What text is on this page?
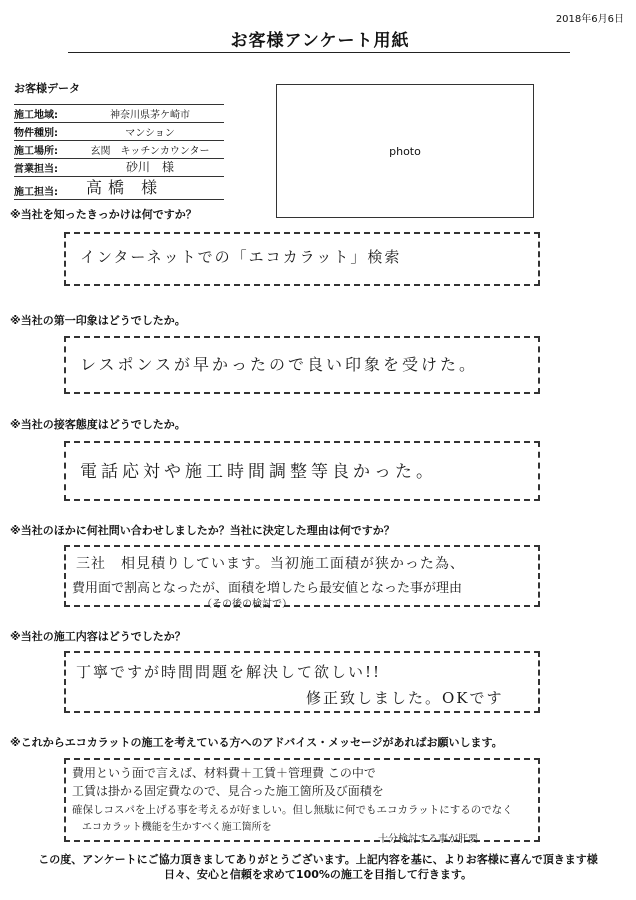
2018年6月6日
お客様アンケート用紙
お客様データ
施工地域:	神奈川県茅ケ崎市
物件種別:	マンション
施工場所:	玄関　キッチンカウンター
営業担当:	砂川　様
施工担当:	高橋 様
photo
※当社を知ったきっかけは何ですか？
インターネットでの「エコカラット」検索
※当社の第一印象はどうでしたか。
レスポンスが早かったので良い印象を受けた。
※当社の接客態度はどうでしたか。
電話応対や施工時間調整等良かった。
※当社のほかに何社問い合わせしましたか？当社に決定した理由は何ですか？
三社　相見積りしています。当初施工面積が狭かった為、
費用面で割高となったが、面積を増したら最安値となった事が理由
（その後の検討で）
※当社の施工内容はどうでしたか？
丁寧ですが時間問題を解決して欲しい!!
修正致しました。OKです
※これからエコカラットの施工を考えている方へのアドバイス・メッセージがあればお願いします。
費用という面で言えば、材料費＋工賃＋管理費 この中で
工賃は掛かる固定費なので、見合った施工箇所及び面積を
確保しコスパを上げる事を考えるが好ましい。但し無駄に何でもエコカラットにするのでなく
エコカラット機能を生かすべく施工箇所を
十分検討する事が肝要
この度、アンケートにご協力頂きましてありがとうございます。上記内容を基に、よりお客様に喜んで頂きます様
日々、安心と信頼を求めて100%の施工を目指して行きます。
